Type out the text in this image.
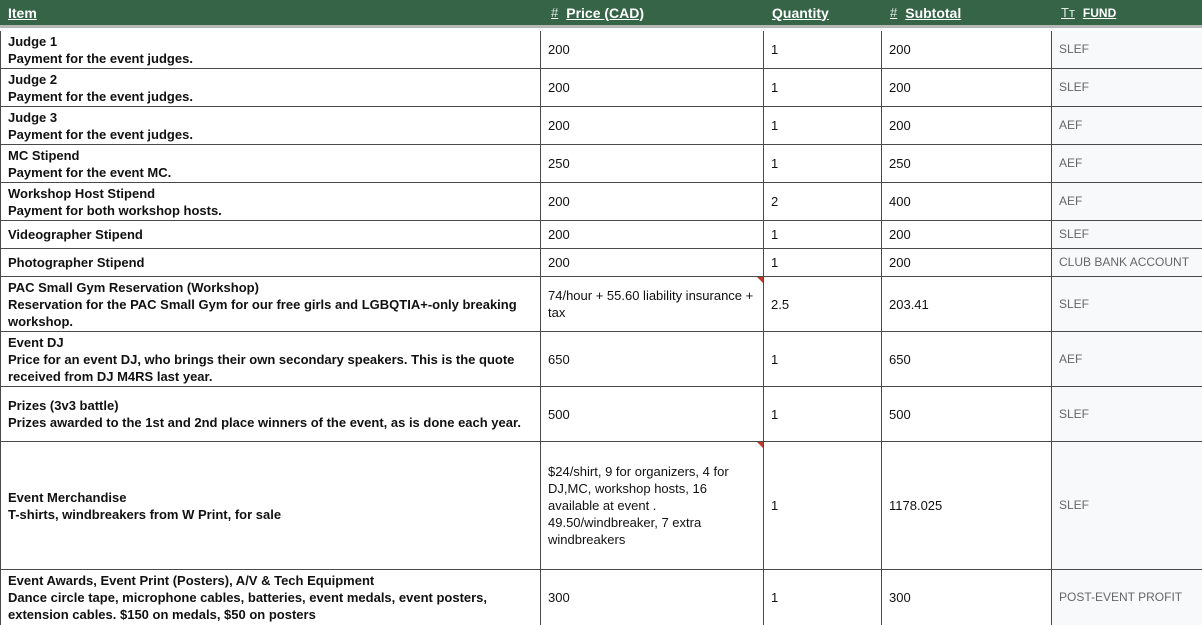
Item	# Price (CAD)	Quantity	# Subtotal	Tт FUND
Judge 1
Payment for the event judges.
200	1	200	SLEF
Judge 2
Payment for the event judges.
200	1	200	SLEF
Judge 3
Payment for the event judges.
200	1	200	AEF
MC Stipend
Payment for the event MC.
250	1	250	AEF
Workshop Host Stipend
Payment for both workshop hosts.
200	2	400	AEF
Videographer Stipend	200	1	200	SLEF
Photographer Stipend	200	1	200	CLUB BANK ACCOUNT
PAC Small Gym Reservation (Workshop)
Reservation for the PAC Small Gym for our free girls and LGBQTIA+-only breaking workshop.
74/hour + 55.60 liability insurance + tax
2.5	203.41	SLEF
Event DJ
Price for an event DJ, who brings their own secondary speakers. This is the quote received from DJ M4RS last year.
650	1	650	AEF
Prizes (3v3 battle)
Prizes awarded to the 1st and 2nd place winners of the event, as is done each year.
500	1	500	SLEF
Event Merchandise
T-shirts, windbreakers from W Print, for sale
$24/shirt, 9 for organizers, 4 for DJ,MC, workshop hosts, 16 available at event . 49.50/windbreaker, 7 extra windbreakers
1	1178.025	SLEF
Event Awards, Event Print (Posters), A/V & Tech Equipment
Dance circle tape, microphone cables, batteries, event medals, event posters, extension cables. $150 on medals, $50 on posters
300	1	300	POST-EVENT PROFIT
